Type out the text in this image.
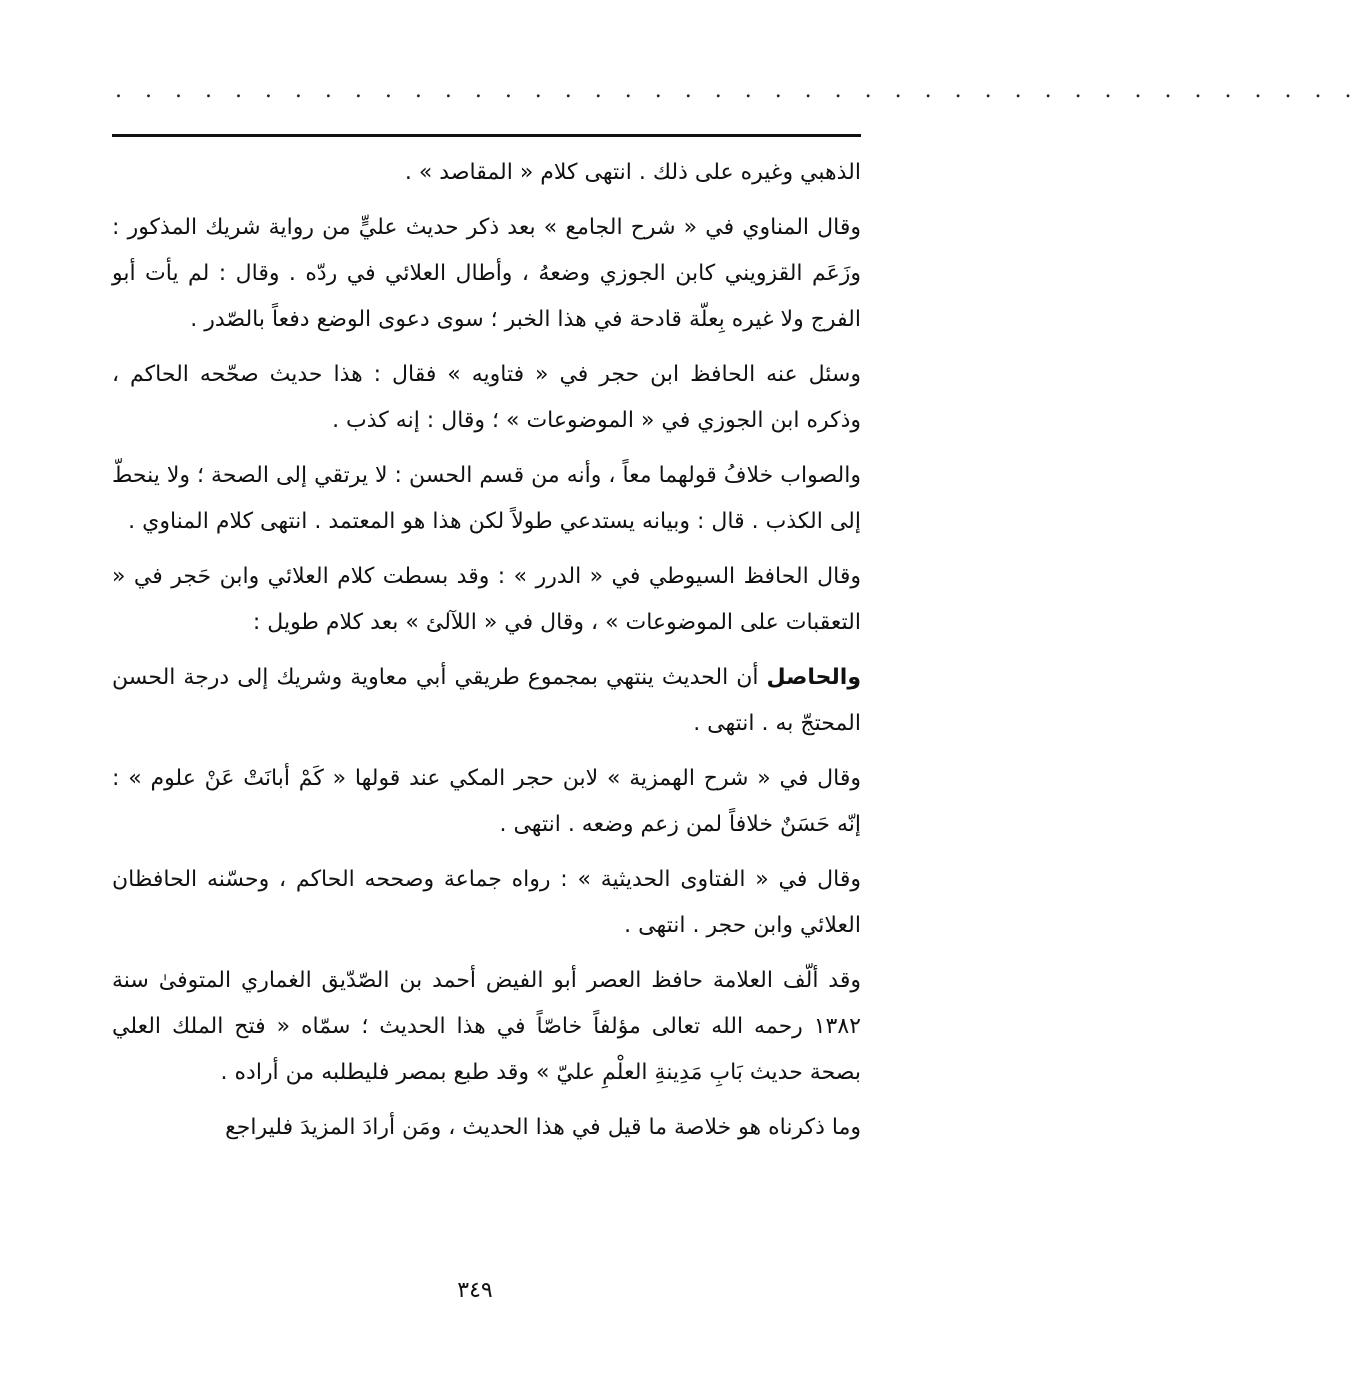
. . . . . . . . . . . . . . . . . . . . . . . . . . . . . . . . . . . . . . . . . .

الذهبي وغيره على ذلك . انتهى كلام « المقاصد » .

وقال المناوي في « شرح الجامع » بعد ذكر حديث عليٍّ من رواية شريك المذكور : وزَعَم القزويني كابن الجوزي وضعهُ ، وأطال العلائي في ردّه . وقال : لم يأت أبو الفرج ولا غيره بِعلّة قادحة في هذا الخبر ؛ سوى دعوى الوضع دفعاً بالصّدر .

وسئل عنه الحافظ ابن حجر في « فتاويه » فقال : هذا حديث صحّحه الحاكم ، وذكره ابن الجوزي في « الموضوعات » ؛ وقال : إنه كذب .

والصواب خلافُ قولهما معاً ، وأنه من قسم الحسن : لا يرتقي إلى الصحة ؛ ولا ينحطّ إلى الكذب . قال : وبيانه يستدعي طولاً لكن هذا هو المعتمد . انتهى كلام المناوي .

وقال الحافظ السيوطي في « الدرر » : وقد بسطت كلام العلائي وابن حَجر في « التعقبات على الموضوعات » ، وقال في « اللآلئ » بعد كلام طويل :

والحاصل أن الحديث ينتهي بمجموع طريقي أبي معاوية وشريك إلى درجة الحسن المحتجّ به . انتهى .

وقال في « شرح الهمزية » لابن حجر المكي عند قولها « كَمْ أبانَتْ عَنْ علوم » : إنّه حَسَنٌ خلافاً لمن زعم وضعه . انتهى .

وقال في « الفتاوى الحديثية » : رواه جماعة وصححه الحاكم ، وحسّنه الحافظان العلائي وابن حجر . انتهى .

وقد ألّف العلامة حافظ العصر أبو الفيض أحمد بن الصّدّيق الغماري المتوفىٰ سنة ١٣٨٢ رحمه الله تعالى مؤلفاً خاصّاً في هذا الحديث ؛ سمّاه « فتح الملك العلي بصحة حديث بَابِ مَدِينةِ العلْمِ عليّ » وقد طبع بمصر فليطلبه من أراده .

وما ذكرناه هو خلاصة ما قيل في هذا الحديث ، ومَن أرادَ المزيدَ فليراجع

٣٤٩
